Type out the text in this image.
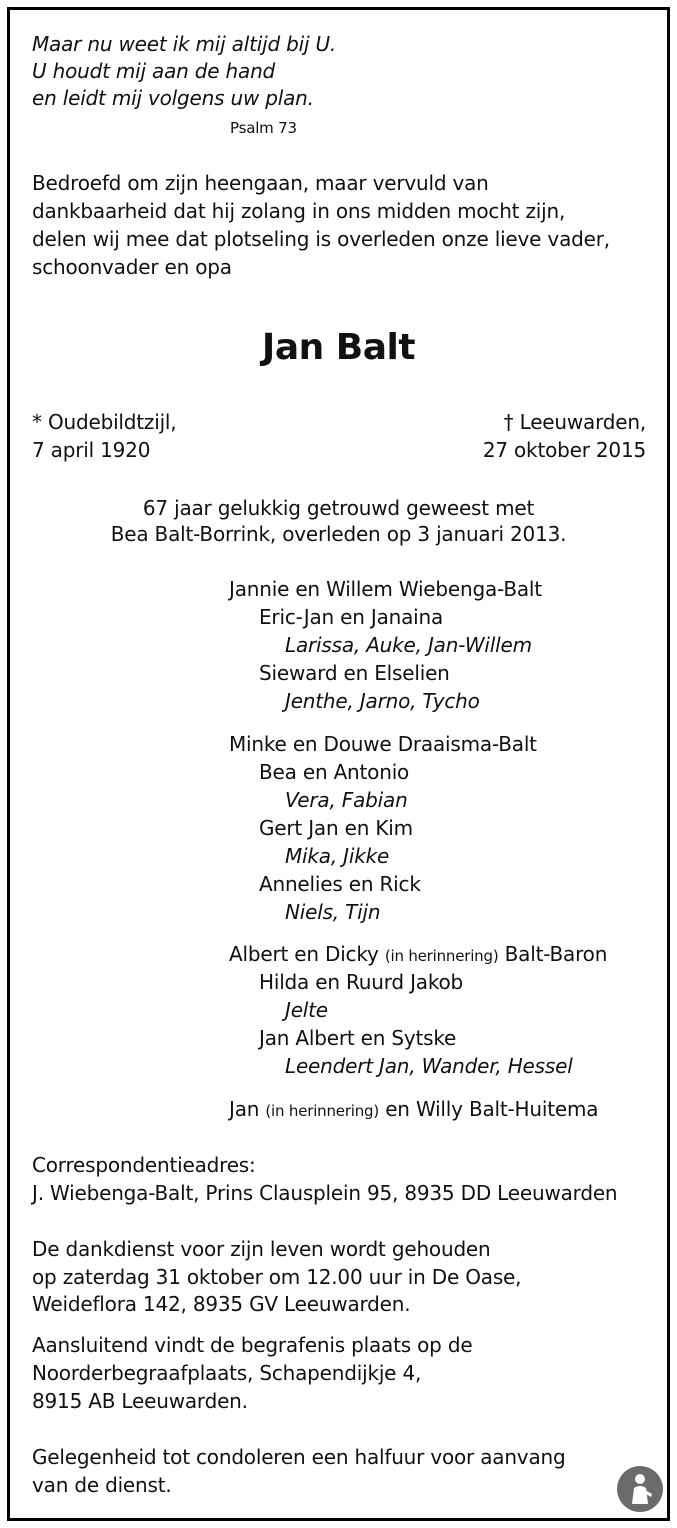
Maar nu weet ik mij altijd bij U.
U houdt mij aan de hand
en leidt mij volgens uw plan.
Psalm 73
Bedroefd om zijn heengaan, maar vervuld van
dankbaarheid dat hij zolang in ons midden mocht zijn,
delen wij mee dat plotseling is overleden onze lieve vader,
schoonvader en opa
Jan Balt
* Oudebildtzijl,
7 april 1920
† Leeuwarden,
27 oktober 2015
67 jaar gelukkig getrouwd geweest met
Bea Balt-Borrink, overleden op 3 januari 2013.
Jannie en Willem Wiebenga-Balt
Eric-Jan en Janaina
Larissa, Auke, Jan-Willem
Sieward en Elselien
Jenthe, Jarno, Tycho
Minke en Douwe Draaisma-Balt
Bea en Antonio
Vera, Fabian
Gert Jan en Kim
Mika, Jikke
Annelies en Rick
Niels, Tijn
Albert en Dicky (in herinnering) Balt-Baron
Hilda en Ruurd Jakob
Jelte
Jan Albert en Sytske
Leendert Jan, Wander, Hessel
Jan (in herinnering) en Willy Balt-Huitema
Correspondentieadres:
J. Wiebenga-Balt, Prins Clausplein 95, 8935 DD Leeuwarden
De dankdienst voor zijn leven wordt gehouden
op zaterdag 31 oktober om 12.00 uur in De Oase,
Weideflora 142, 8935 GV Leeuwarden.
Aansluitend vindt de begrafenis plaats op de
Noorderbegraafplaats, Schapendijkje 4,
8915 AB Leeuwarden.
Gelegenheid tot condoleren een halfuur voor aanvang
van de dienst.
